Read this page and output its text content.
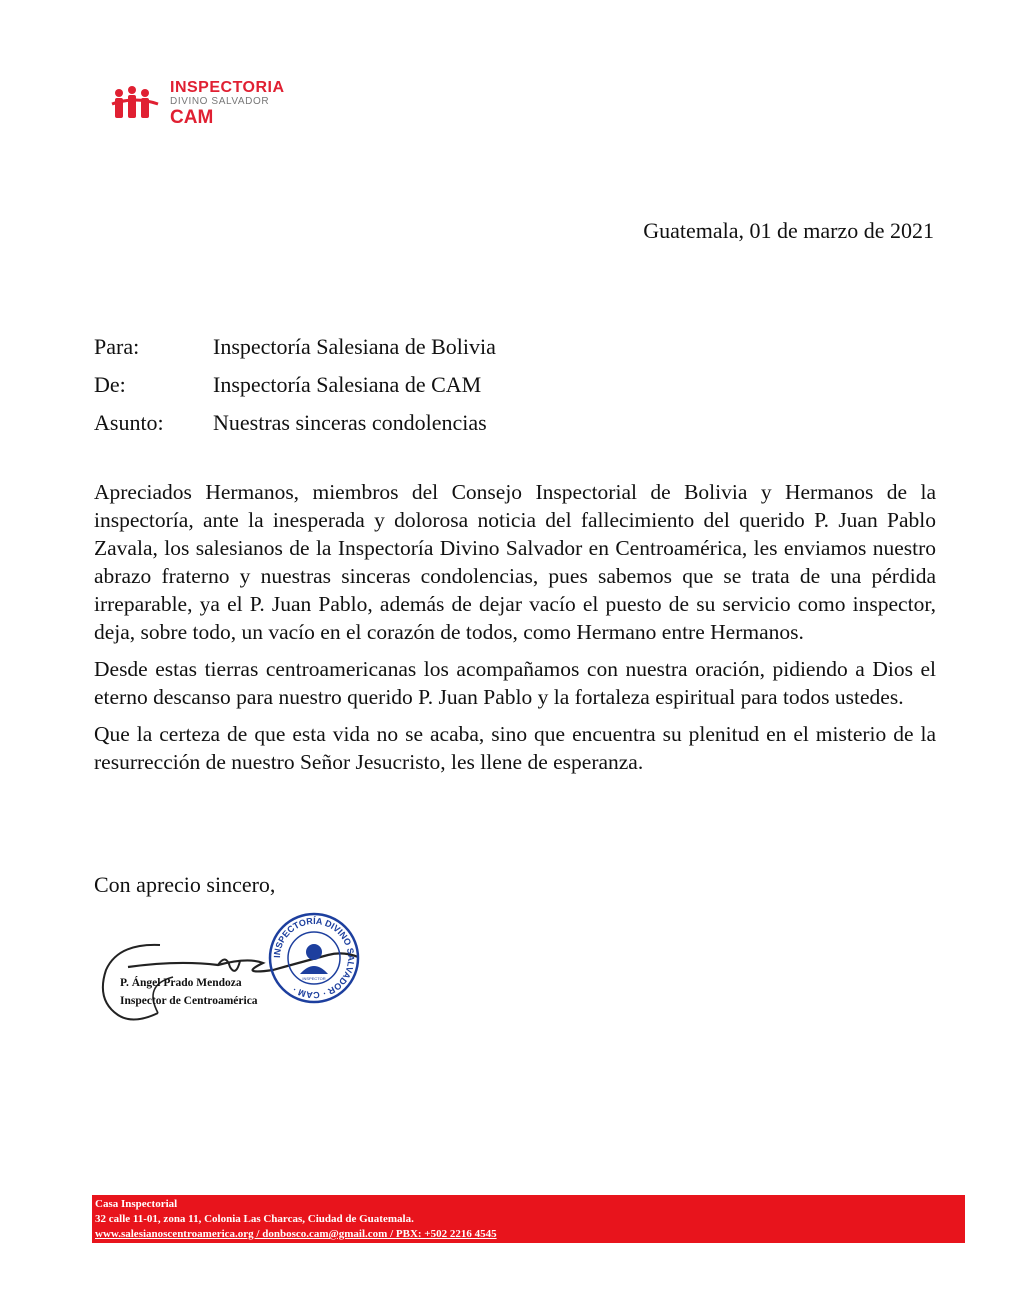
INSPECTORIA
DIVINO SALVADOR
CAM
Guatemala, 01 de marzo de 2021
Para:	Inspectoría Salesiana de Bolivia
De:	Inspectoría Salesiana de CAM
Asunto:	Nuestras sinceras condolencias

Apreciados Hermanos, miembros del Consejo Inspectorial de Bolivia y Hermanos de la inspectoría, ante la inesperada y dolorosa noticia del fallecimiento del querido P. Juan Pablo Zavala, los salesianos de la Inspectoría Divino Salvador en Centroamérica, les enviamos nuestro abrazo fraterno y nuestras sinceras condolencias, pues sabemos que se trata de una pérdida irreparable, ya el P. Juan Pablo, además de dejar vacío el puesto de su servicio como inspector, deja, sobre todo, un vacío en el corazón de todos, como Hermano entre Hermanos.

Desde estas tierras centroamericanas los acompañamos con nuestra oración, pidiendo a Dios el eterno descanso para nuestro querido P. Juan Pablo y la fortaleza espiritual para todos ustedes.

Que la certeza de que esta vida no se acaba, sino que encuentra su plenitud en el misterio de la resurrección de nuestro Señor Jesucristo, les llene de esperanza.

Con aprecio sincero,
P. Ángel Prado Mendoza
Inspector de Centroamérica
INSPECTORÍA DIVINO SALVADOR · CAM ·
INSPECTOR
Casa Inspectorial
32 calle 11-01, zona 11, Colonia Las Charcas, Ciudad de Guatemala.
www.salesianoscentroamerica.org / donbosco.cam@gmail.com / PBX: +502 2216 4545
